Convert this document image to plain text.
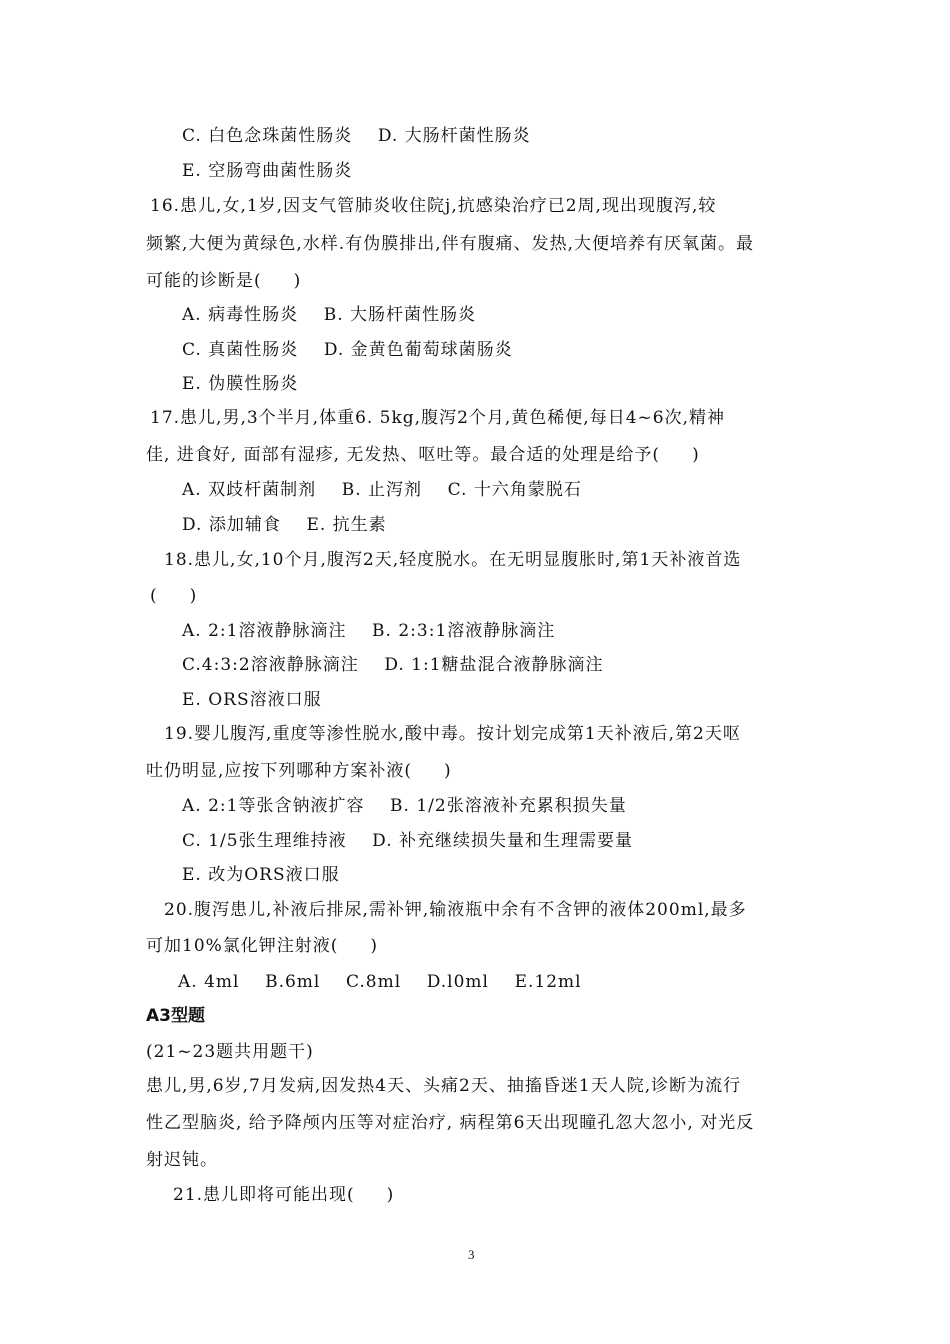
C. 白色念珠菌性肠炎    D. 大肠杆菌性肠炎
E. 空肠弯曲菌性肠炎
16.患儿,女,1岁,因支气管肺炎收住院j,抗感染治疗已2周,现出现腹泻,较
频繁,大便为黄绿色,水样.有伪膜排出,伴有腹痛、发热,大便培养有厌氧菌。最
可能的诊断是(     )
A. 病毒性肠炎    B. 大肠杆菌性肠炎
C. 真菌性肠炎    D. 金黄色葡萄球菌肠炎
E. 伪膜性肠炎
17.患儿,男,3个半月,体重6. 5kg,腹泻2个月,黄色稀便,每日4~6次,精神
佳, 进食好, 面部有湿疹, 无发热、呕吐等。最合适的处理是给予(     )
A. 双歧杆菌制剂    B. 止泻剂    C. 十六角蒙脱石
D. 添加辅食    E. 抗生素
18.患儿,女,10个月,腹泻2天,轻度脱水。在无明显腹胀时,第1天补液首选
(     )
A. 2:1溶液静脉滴注    B. 2:3:1溶液静脉滴注
C.4:3:2溶液静脉滴注    D. 1:1糖盐混合液静脉滴注
E. ORS溶液口服
19.婴儿腹泻,重度等渗性脱水,酸中毒。按计划完成第1天补液后,第2天呕
吐仍明显,应按下列哪种方案补液(     )
A. 2:1等张含钠液扩容    B. 1/2张溶液补充累积损失量
C. 1/5张生理维持液    D. 补充继续损失量和生理需要量
E. 改为ORS液口服
20.腹泻患儿,补液后排尿,需补钾,输液瓶中余有不含钾的液体200ml,最多
可加10%氯化钾注射液(     )
A. 4ml    B.6ml    C.8ml    D.l0ml    E.12ml
A3型题
(21~23题共用题干)
患儿,男,6岁,7月发病,因发热4天、头痛2天、抽搐昏迷1天人院,诊断为流行
性乙型脑炎, 给予降颅内压等对症治疗, 病程第6天出现瞳孔忽大忽小, 对光反
射迟钝。
21.患儿即将可能出现(     )
3
